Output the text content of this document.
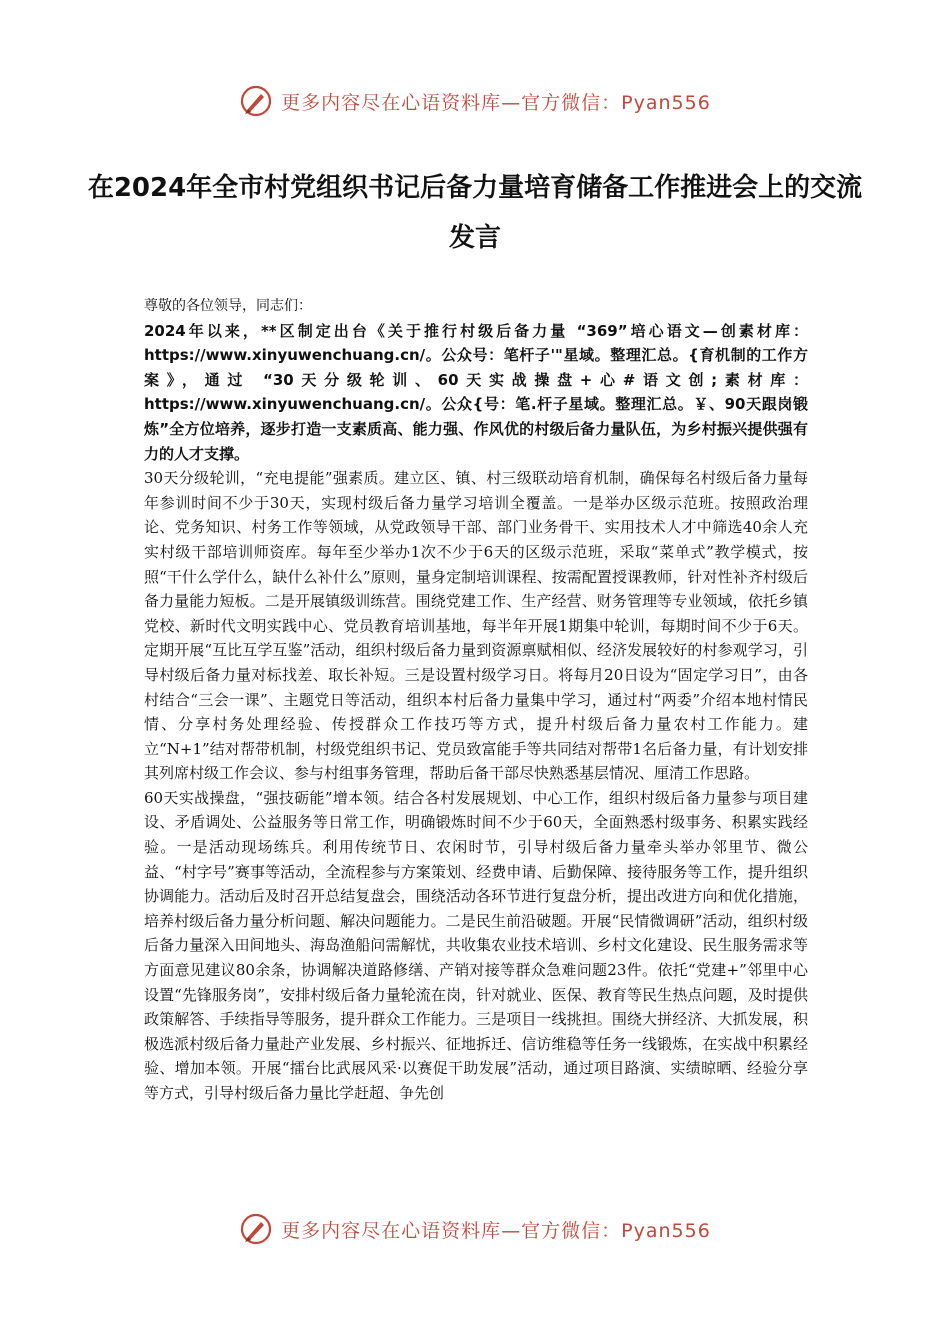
更多内容尽在心语资料库—官方微信：Pyan556
在2024年全市村党组织书记后备力量培育储备工作推进会上的交流发言

尊敬的各位领导，同志们：

2024年以来，**区制定出台《关于推行村级后备力量 “369”培心语文—创素材库：https://www.xinyuwenchuang.cn/。公众号：笔杆子'"星域。整理汇总。{育机制的工作方案》，通过 “30天分级轮训、60天实战操盘+心#语文创;素材库：https://www.xinyuwenchuang.cn/。公众{号：笔.杆子星域。整理汇总。￥、90天跟岗锻炼”全方位培养，逐步打造一支素质高、能力强、作风优的村级后备力量队伍，为乡村振兴提供强有力的人才支撑。

30天分级轮训，“充电提能”强素质。建立区、镇、村三级联动培育机制，确保每名村级后备力量每年参训时间不少于30天，实现村级后备力量学习培训全覆盖。一是举办区级示范班。按照政治理论、党务知识、村务工作等领域，从党政领导干部、部门业务骨干、实用技术人才中筛选40余人充实村级干部培训师资库。每年至少举办1次不少于6天的区级示范班，采取“菜单式”教学模式，按照“干什么学什么，缺什么补什么”原则，量身定制培训课程、按需配置授课教师，针对性补齐村级后备力量能力短板。二是开展镇级训练营。围绕党建工作、生产经营、财务管理等专业领域，依托乡镇党校、新时代文明实践中心、党员教育培训基地，每半年开展1期集中轮训，每期时间不少于6天。定期开展“互比互学互鉴”活动，组织村级后备力量到资源禀赋相似、经济发展较好的村参观学习，引导村级后备力量对标找差、取长补短。三是设置村级学习日。将每月20日设为“固定学习日”，由各村结合“三会一课”、主题党日等活动，组织本村后备力量集中学习，通过村“两委”介绍本地村情民情、分享村务处理经验、传授群众工作技巧等方式，提升村级后备力量农村工作能力。建立“N+1”结对帮带机制，村级党组织书记、党员致富能手等共同结对帮带1名后备力量，有计划安排其列席村级工作会议、参与村组事务管理，帮助后备干部尽快熟悉基层情况、厘清工作思路。

60天实战操盘，“强技砺能”增本领。结合各村发展规划、中心工作，组织村级后备力量参与项目建设、矛盾调处、公益服务等日常工作，明确锻炼时间不少于60天，全面熟悉村级事务、积累实践经验。一是活动现场练兵。利用传统节日、农闲时节，引导村级后备力量牵头举办邻里节、微公益、“村字号”赛事等活动，全流程参与方案策划、经费申请、后勤保障、接待服务等工作，提升组织协调能力。活动后及时召开总结复盘会，围绕活动各环节进行复盘分析，提出改进方向和优化措施，培养村级后备力量分析问题、解决问题能力。二是民生前沿破题。开展“民情微调研”活动，组织村级后备力量深入田间地头、海岛渔船问需解忧，共收集农业技术培训、乡村文化建设、民生服务需求等方面意见建议80余条，协调解决道路修缮、产销对接等群众急难问题23件。依托“党建+”邻里中心设置“先锋服务岗”，安排村级后备力量轮流在岗，针对就业、医保、教育等民生热点问题，及时提供政策解答、手续指导等服务，提升群众工作能力。三是项目一线挑担。围绕大拼经济、大抓发展，积极选派村级后备力量赴产业发展、乡村振兴、征地拆迁、信访维稳等任务一线锻炼，在实战中积累经验、增加本领。开展“擂台比武展风采·以赛促干助发展”活动，通过项目路演、实绩晾晒、经验分享等方式，引导村级后备力量比学赶超、争先创

更多内容尽在心语资料库—官方微信：Pyan556
